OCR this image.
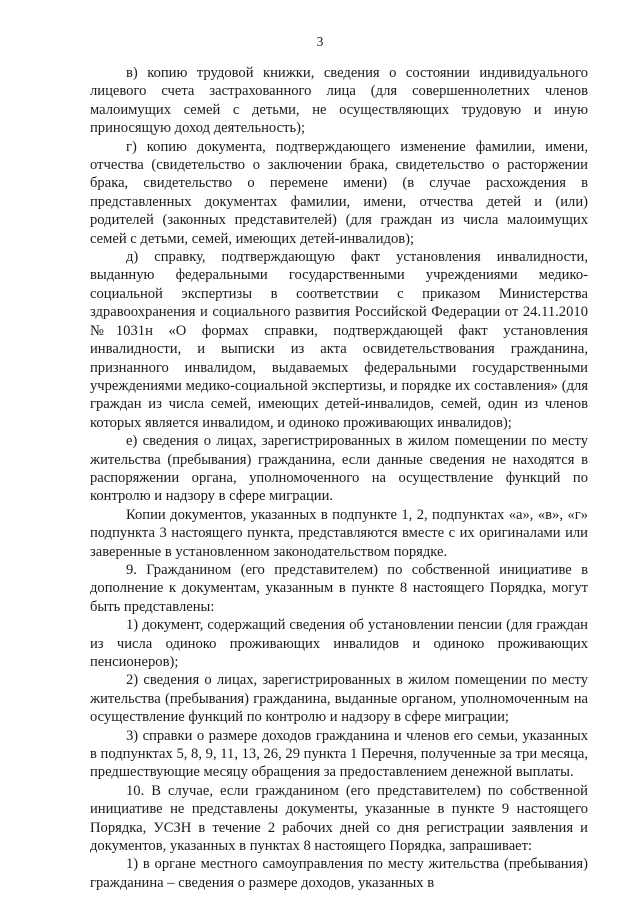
3

в) копию трудовой книжки, сведения о состоянии индивидуального лицевого счета застрахованного лица (для совершеннолетних членов малоимущих семей с детьми, не осуществляющих трудовую и иную приносящую доход деятельность);

г) копию документа, подтверждающего изменение фамилии, имени, отчества (свидетельство о заключении брака, свидетельство о расторжении брака, свидетельство о перемене имени) (в случае расхождения в представленных документах фамилии, имени, отчества детей и (или) родителей (законных представителей) (для граждан из числа малоимущих семей с детьми, семей, имеющих детей-инвалидов);

д) справку, подтверждающую факт установления инвалидности, выданную федеральными государственными учреждениями медико-социальной экспертизы в соответствии с приказом Министерства здравоохранения и социального развития Российской Федерации от 24.11.2010 №1031н «О формах справки, подтверждающей факт установления инвалидности, и выписки из акта освидетельствования гражданина, признанного инвалидом, выдаваемых федеральными государственными учреждениями медико-социальной экспертизы, и порядке их составления» (для граждан из числа семей, имеющих детей-инвалидов, семей, один из членов которых является инвалидом, и одиноко проживающих инвалидов);

е) сведения о лицах, зарегистрированных в жилом помещении по месту жительства (пребывания) гражданина, если данные сведения не находятся в распоряжении органа, уполномоченного на осуществление функций по контролю и надзору в сфере миграции.

Копии документов, указанных в подпункте 1, 2, подпунктах «а», «в», «г» подпункта 3 настоящего пункта, представляются вместе с их оригиналами или заверенные в установленном законодательством порядке.

9. Гражданином (его представителем) по собственной инициативе в дополнение к документам, указанным в пункте 8 настоящего Порядка, могут быть представлены:

1) документ, содержащий сведения об установлении пенсии (для граждан из числа одиноко проживающих инвалидов и одиноко проживающих пенсионеров);

2) сведения о лицах, зарегистрированных в жилом помещении по месту жительства (пребывания) гражданина, выданные органом, уполномоченным на осуществление функций по контролю и надзору в сфере миграции;

3) справки о размере доходов гражданина и членов его семьи, указанных в подпунктах 5, 8, 9, 11, 13, 26, 29 пункта 1 Перечня, полученные за три месяца, предшествующие месяцу обращения за предоставлением денежной выплаты.

10. В случае, если гражданином (его представителем) по собственной инициативе не представлены документы, указанные в пункте 9 настоящего Порядка, УСЗН в течение 2 рабочих дней со дня регистрации заявления и документов, указанных в пунктах 8 настоящего Порядка, запрашивает:

1) в органе местного самоуправления по месту жительства (пребывания) гражданина – сведения о размере доходов, указанных в
